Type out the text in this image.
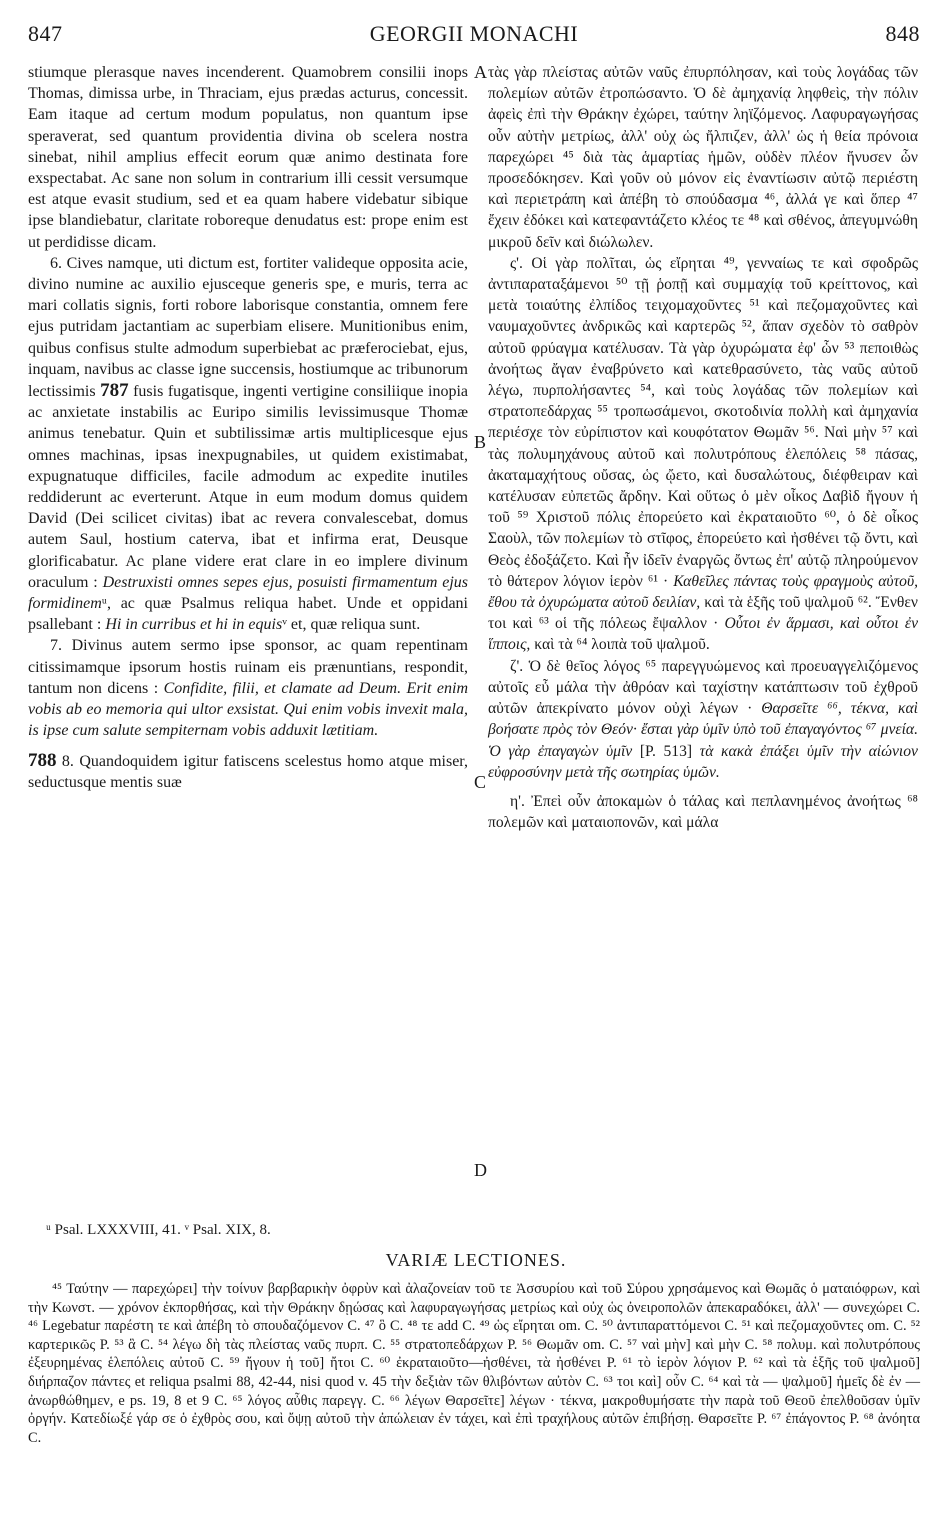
847	GEORGII MONACHI	848
A
B
C
D

stiumque plerasque naves incenderent. Quamobrem consilii inops Thomas, dimissa urbe, in Thraciam, ejus prædas acturus, concessit. Eam itaque ad certum modum populatus, non quantum ipse speraverat, sed quantum providentia divina ob scelera nostra sinebat, nihil amplius effecit eorum quæ animo destinata fore exspectabat. Ac sane non solum in contrarium illi cessit versumque est atque evasit studium, sed et ea quam habere videbatur sibique ipse blandiebatur, claritate roboreque denudatus est: prope enim est ut perdidisse dicam.

6. Cives namque, uti dictum est, fortiter valideque opposita acie, divino numine ac auxilio ejusceque generis spe, e muris, terra ac mari collatis signis, forti robore laborisque constantia, omnem fere ejus putridam jactantiam ac superbiam elisere. Munitionibus enim, quibus confisus stulte admodum superbiebat ac præferociebat, ejus, inquam, navibus ac classe igne succensis, hostiumque ac tribunorum lectissimis 787 fusis fugatisque, ingenti vertigine consiliique inopia ac anxietate instabilis ac Euripo similis levissimusque Thomæ animus tenebatur. Quin et subtilissimæ artis multiplicesque ejus omnes machinas, ipsas inexpugnabiles, ut quidem existimabat, expugnatuque difficiles, facile admodum ac expedite inutiles reddiderunt ac everterunt. Atque in eum modum domus quidem David (Dei scilicet civitas) ibat ac revera convalescebat, domus autem Saul, hostium caterva, ibat et infirma erat, Deusque glorificabatur. Ac plane videre erat clare in eo implere divinum oraculum : Destruxisti omnes sepes ejus, posuisti firmamentum ejus formidinemᵘ, ac quæ Psalmus reliqua habet. Unde et oppidani psallebant : Hi in curribus et hi in equisᵛ et, quæ reliqua sunt.

7. Divinus autem sermo ipse sponsor, ac quam repentinam citissimamque ipsorum hostis ruinam eis prænuntians, respondit, tantum non dicens : Confidite, filii, et clamate ad Deum. Erit enim vobis ab eo memoria qui ultor exsistat. Qui enim vobis invexit mala, is ipse cum salute sempiternam vobis adduxit lætitiam.

788 8. Quandoquidem igitur fatiscens scelestus homo atque miser, seductusque mentis suæ

τὰς γὰρ πλείστας αὐτῶν ναῦς ἐπυρπόλησαν, καὶ τοὺς λογάδας τῶν πολεμίων αὐτῶν ἐτροπώσαντο. Ὁ δὲ ἀμηχανίᾳ ληφθεὶς, τὴν πόλιν ἀφεὶς ἐπὶ τὴν Θράκην ἐχώρει, ταύτην ληϊζόμενος. Λαφυραγωγήσας οὖν αὐτὴν μετρίως, ἀλλ' οὐχ ὡς ἤλπιζεν, ἀλλ' ὡς ἡ θεία πρόνοια παρεχώρει ⁴⁵ διὰ τὰς ἁμαρτίας ἡμῶν, οὐδὲν πλέον ἤνυσεν ὧν προσεδόκησεν. Καὶ γοῦν οὐ μόνον εἰς ἐναντίωσιν αὐτῷ περιέστη καὶ περιετράπη καὶ ἀπέβη τὸ σπούδασμα ⁴⁶, ἀλλά γε καὶ ὅπερ ⁴⁷ ἔχειν ἐδόκει καὶ κατεφαντάζετο κλέος τε ⁴⁸ καὶ σθένος, ἀπεγυμνώθη μικροῦ δεῖν καὶ διώλωλεν.

ς'. Οἱ γὰρ πολῖται, ὡς εἴρηται ⁴⁹, γενναίως τε καὶ σφοδρῶς ἀντιπαραταξάμενοι ⁵⁰ τῇ ῥοπῇ καὶ συμμαχίᾳ τοῦ κρείττονος, καὶ μετὰ τοιαύτης ἐλπίδος τειχομαχοῦντες ⁵¹ καὶ πεζομαχοῦντες καὶ ναυμαχοῦντες ἀνδρικῶς καὶ καρτερῶς ⁵², ἅπαν σχεδὸν τὸ σαθρὸν αὐτοῦ φρύαγμα κατέλυσαν. Τὰ γὰρ ὀχυρώματα ἐφ' ὧν ⁵³ πεποιθὼς ἀνοήτως ἄγαν ἐναβρύνετο καὶ κατεθρασύνετο, τὰς ναῦς αὐτοῦ λέγω, πυρπολήσαντες ⁵⁴, καὶ τοὺς λογάδας τῶν πολεμίων καὶ στρατοπεδάρχας ⁵⁵ τροπωσάμενοι, σκοτοδινία πολλὴ καὶ ἀμηχανία περιέσχε τὸν εὐρίπιστον καὶ κουφότατον Θωμᾶν ⁵⁶. Ναὶ μὴν ⁵⁷ καὶ τὰς πολυμηχάνους αὐτοῦ καὶ πολυτρόπους ἑλεπόλεις ⁵⁸ πάσας, ἀκαταμαχήτους οὔσας, ὡς ᾤετο, καὶ δυσαλώτους, διέφθειραν καὶ κατέλυσαν εὐπετῶς ἄρδην. Καὶ οὕτως ὁ μὲν οἶκος Δαβὶδ ἤγουν ἡ τοῦ ⁵⁹ Χριστοῦ πόλις ἐπορεύετο καὶ ἐκραταιοῦτο ⁶⁰, ὁ δὲ οἶκος Σαοὺλ, τῶν πολεμίων τὸ στῖφος, ἐπορεύετο καὶ ἠσθένει τῷ ὄντι, καὶ Θεὸς ἐδοξάζετο. Καὶ ἦν ἰδεῖν ἐναργῶς ὄντως ἐπ' αὐτῷ πληρούμενον τὸ θάτερον λόγιον ἱερὸν ⁶¹ · Καθεῖλες πάντας τοὺς φραγμοὺς αὐτοῦ, ἔθου τὰ ὀχυρώματα αὐτοῦ δειλίαν, καὶ τὰ ἑξῆς τοῦ ψαλμοῦ ⁶². Ἔνθεν τοι καὶ ⁶³ οἱ τῆς πόλεως ἔψαλλον · Οὗτοι ἐν ἅρμασι, καὶ οὗτοι ἐν ἵπποις, καὶ τὰ ⁶⁴ λοιπὰ τοῦ ψαλμοῦ.

ζ'. Ὁ δὲ θεῖος λόγος ⁶⁵ παρεγγυώμενος καὶ προευαγγελιζόμενος αὐτοῖς εὖ μάλα τὴν ἀθρόαν καὶ ταχίστην κατάπτωσιν τοῦ ἐχθροῦ αὐτῶν ἀπεκρίνατο μόνον οὐχὶ λέγων · Θαρσεῖτε ⁶⁶, τέκνα, καὶ βοήσατε πρὸς τὸν Θεόν· ἔσται γὰρ ὑμῖν ὑπὸ τοῦ ἐπαγαγόντος ⁶⁷ μνεία. Ὁ γὰρ ἐπαγαγὼν ὑμῖν [P. 513] τὰ κακὰ ἐπάξει ὑμῖν τὴν αἰώνιον εὐφροσύνην μετὰ τῆς σωτηρίας ὑμῶν.

η'. Ἐπεὶ οὖν ἀποκαμὼν ὁ τάλας καὶ πεπλανημένος ἀνοήτως ⁶⁸ πολεμῶν καὶ ματαιοπονῶν, καὶ μάλα

ᵘ Psal. LXXXVIII, 41. ᵛ Psal. XIX, 8.
VARIÆ LECTIONES.

⁴⁵ Ταύτην — παρεχώρει] τὴν τοίνυν βαρβαρικὴν ὀφρὺν καὶ ἀλαζονείαν τοῦ τε Ἀσσυρίου καὶ τοῦ Σύρου χρησάμενος καὶ Θωμᾶς ὁ ματαιόφρων, καὶ τὴν Κωνστ. — χρόνον ἐκπορθήσας, καὶ τὴν Θράκην δῃώσας καὶ λαφυραγωγήσας μετρίως καὶ οὐχ ὡς ὀνειροπολῶν ἀπεκαραδόκει, ἀλλ' — συνεχώρει C. ⁴⁶ Legebatur παρέστη τε καὶ ἀπέβη τὸ σπουδαζόμενον C. ⁴⁷ ὃ C. ⁴⁸ τε add C. ⁴⁹ ὡς εἴρηται om. C. ⁵⁰ ἀντιπαραττόμενοι C. ⁵¹ καὶ πεζομαχοῦντες om. C. ⁵² καρτερικῶς P. ⁵³ ἃ C. ⁵⁴ λέγω δὴ τὰς πλείστας ναῦς πυρπ. C. ⁵⁵ στρατοπεδάρχων P. ⁵⁶ Θωμᾶν om. C. ⁵⁷ ναὶ μὴν] καὶ μὴν C. ⁵⁸ πολυμ. καὶ πολυτρόπους ἐξευρημένας ἑλεπόλεις αὐτοῦ C. ⁵⁹ ἤγουν ἡ τοῦ] ἤτοι C. ⁶⁰ ἐκραταιοῦτο—ἠσθένει, τὰ ἠσθένει P. ⁶¹ τὸ ἱερὸν λόγιον P. ⁶² καὶ τὰ ἑξῆς τοῦ ψαλμοῦ] διήρπαζον πάντες et reliqua psalmi 88, 42-44, nisi quod v. 45 τὴν δεξιὰν τῶν θλιβόντων αὐτὸν C. ⁶³ τοι καὶ] οὖν C. ⁶⁴ καὶ τὰ — ψαλμοῦ] ἡμεῖς δὲ ἐν — ἀνωρθώθημεν, e ps. 19, 8 et 9 C. ⁶⁵ λόγος αὖθις παρεγγ. C. ⁶⁶ λέγων Θαρσεῖτε] λέγων · τέκνα, μακροθυμήσατε τὴν παρὰ τοῦ Θεοῦ ἐπελθοῦσαν ὑμῖν ὀργήν. Κατεδίωξέ γάρ σε ὁ ἐχθρὸς σου, καὶ ὄψῃ αὐτοῦ τὴν ἀπώλειαν ἐν τάχει, καὶ ἐπὶ τραχήλους αὐτῶν ἐπιβήσῃ. Θαρσεῖτε P. ⁶⁷ ἐπάγοντος P. ⁶⁸ ἀνόητα C.
